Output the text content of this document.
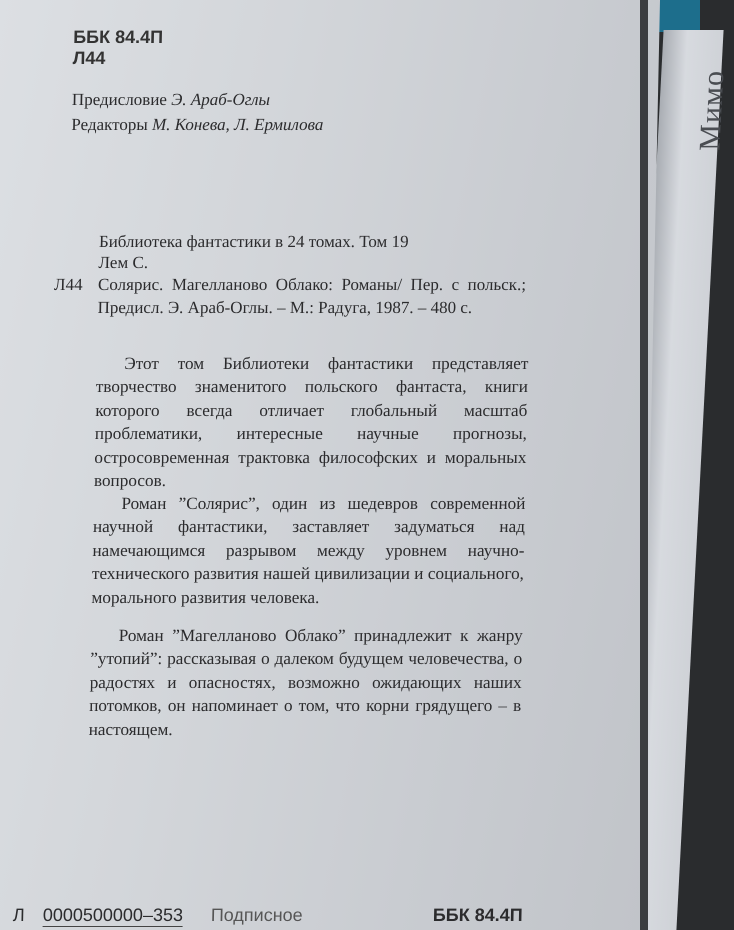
Мимо
ББК 84.4П
Л44
Предисловие Э. Араб-Оглы
Редакторы М. Конева, Л. Ермилова
Библиотека фантастики в 24 томах. Том 19
Лем С.
Л44 Солярис. Магелланово Облако: Романы/ Пер. с польск.; Предисл. Э. Араб-Оглы. – М.: Радуга, 1987. – 480 с.

Этот том Библиотеки фантастики представляет творчество знаменитого польского фантаста, книги которого всегда отличает глобальный масштаб проблематики, интересные научные прогнозы, остросовременная трактовка философских и моральных вопросов.

Роман ”Солярис”, один из шедевров современной научной фантастики, заставляет задуматься над намечающимся разрывом между уровнем научно-технического развития нашей цивилизации и социального, морального развития человека.

Роман ”Магелланово Облако” принадлежит к жанру ”утопий”: рассказывая о далеком будущем человечества, о радостях и опасностях, возможно ожидающих наших потомков, он напоминает о том, что корни грядущего – в настоящем.

Л 0000500000–353 Подписное	ББК 84.4П
